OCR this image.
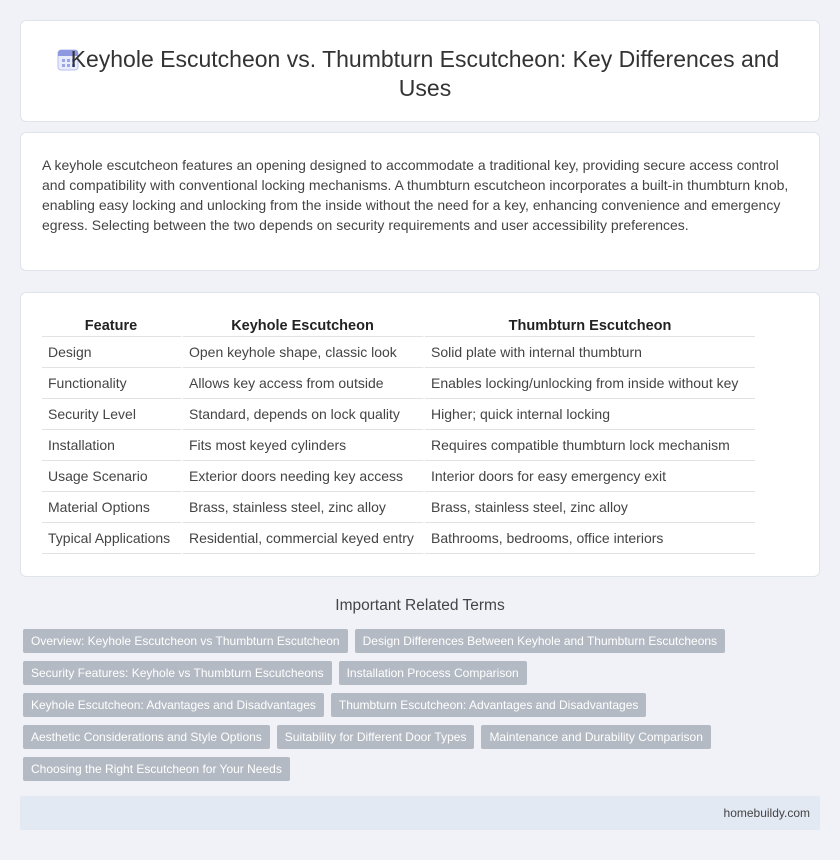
Keyhole Escutcheon vs. Thumbturn Escutcheon: Key Differences and Uses

A keyhole escutcheon features an opening designed to accommodate a traditional key, providing secure access control and compatibility with conventional locking mechanisms. A thumbturn escutcheon incorporates a built-in thumbturn knob, enabling easy locking and unlocking from the inside without the need for a key, enhancing convenience and emergency egress. Selecting between the two depends on security requirements and user accessibility preferences.

Feature	Keyhole Escutcheon	Thumbturn Escutcheon
Design	Open keyhole shape, classic look	Solid plate with internal thumbturn
Functionality	Allows key access from outside	Enables locking/unlocking from inside without key
Security Level	Standard, depends on lock quality	Higher; quick internal locking
Installation	Fits most keyed cylinders	Requires compatible thumbturn lock mechanism
Usage Scenario	Exterior doors needing key access	Interior doors for easy emergency exit
Material Options	Brass, stainless steel, zinc alloy	Brass, stainless steel, zinc alloy
Typical Applications	Residential, commercial keyed entry	Bathrooms, bedrooms, office interiors
Important Related Terms
Overview: Keyhole Escutcheon vs Thumbturn Escutcheon	Design Differences Between Keyhole and Thumbturn Escutcheons
Security Features: Keyhole vs Thumbturn Escutcheons	Installation Process Comparison
Keyhole Escutcheon: Advantages and Disadvantages	Thumbturn Escutcheon: Advantages and Disadvantages
Aesthetic Considerations and Style Options	Suitability for Different Door Types	Maintenance and Durability Comparison
Choosing the Right Escutcheon for Your Needs
homebuildy.com
